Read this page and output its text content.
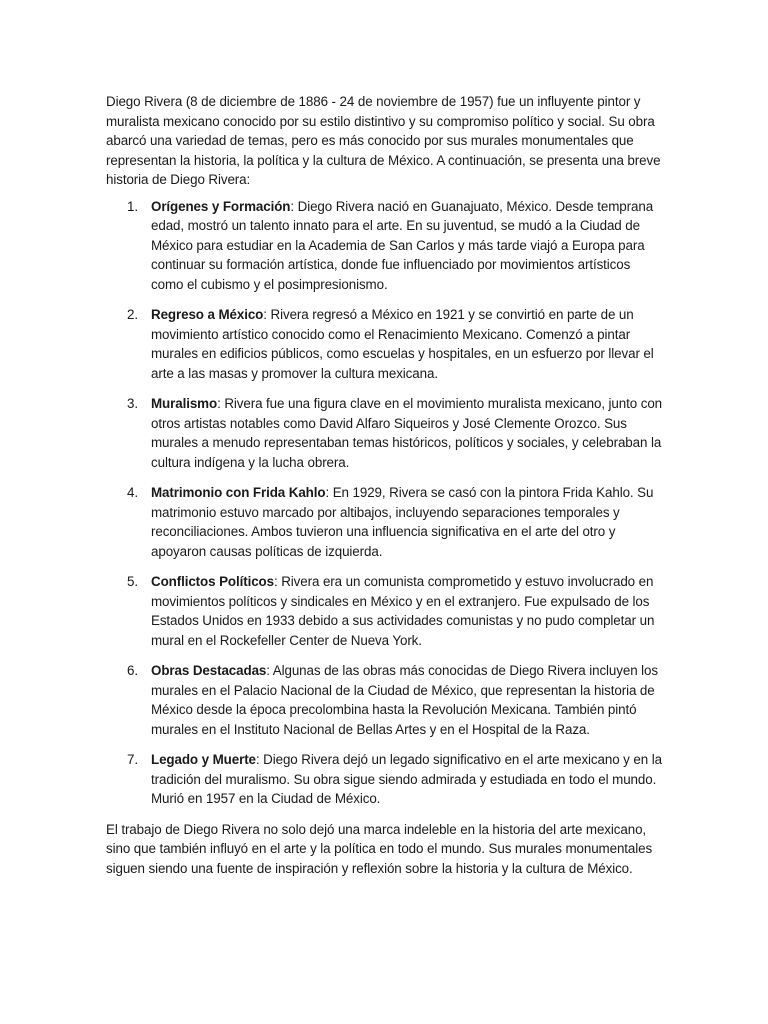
Diego Rivera (8 de diciembre de 1886 - 24 de noviembre de 1957) fue un influyente pintor y muralista mexicano conocido por su estilo distintivo y su compromiso político y social. Su obra abarcó una variedad de temas, pero es más conocido por sus murales monumentales que representan la historia, la política y la cultura de México. A continuación, se presenta una breve historia de Diego Rivera:

1. Orígenes y Formación: Diego Rivera nació en Guanajuato, México. Desde temprana edad, mostró un talento innato para el arte. En su juventud, se mudó a la Ciudad de México para estudiar en la Academia de San Carlos y más tarde viajó a Europa para continuar su formación artística, donde fue influenciado por movimientos artísticos como el cubismo y el posimpresionismo.
2. Regreso a México: Rivera regresó a México en 1921 y se convirtió en parte de un movimiento artístico conocido como el Renacimiento Mexicano. Comenzó a pintar murales en edificios públicos, como escuelas y hospitales, en un esfuerzo por llevar el arte a las masas y promover la cultura mexicana.
3. Muralismo: Rivera fue una figura clave en el movimiento muralista mexicano, junto con otros artistas notables como David Alfaro Siqueiros y José Clemente Orozco. Sus murales a menudo representaban temas históricos, políticos y sociales, y celebraban la cultura indígena y la lucha obrera.
4. Matrimonio con Frida Kahlo: En 1929, Rivera se casó con la pintora Frida Kahlo. Su matrimonio estuvo marcado por altibajos, incluyendo separaciones temporales y reconciliaciones. Ambos tuvieron una influencia significativa en el arte del otro y apoyaron causas políticas de izquierda.
5. Conflictos Políticos: Rivera era un comunista comprometido y estuvo involucrado en movimientos políticos y sindicales en México y en el extranjero. Fue expulsado de los Estados Unidos en 1933 debido a sus actividades comunistas y no pudo completar un mural en el Rockefeller Center de Nueva York.
6. Obras Destacadas: Algunas de las obras más conocidas de Diego Rivera incluyen los murales en el Palacio Nacional de la Ciudad de México, que representan la historia de México desde la época precolombina hasta la Revolución Mexicana. También pintó murales en el Instituto Nacional de Bellas Artes y en el Hospital de la Raza.
7. Legado y Muerte: Diego Rivera dejó un legado significativo en el arte mexicano y en la tradición del muralismo. Su obra sigue siendo admirada y estudiada en todo el mundo. Murió en 1957 en la Ciudad de México.

El trabajo de Diego Rivera no solo dejó una marca indeleble en la historia del arte mexicano, sino que también influyó en el arte y la política en todo el mundo. Sus murales monumentales siguen siendo una fuente de inspiración y reflexión sobre la historia y la cultura de México.
